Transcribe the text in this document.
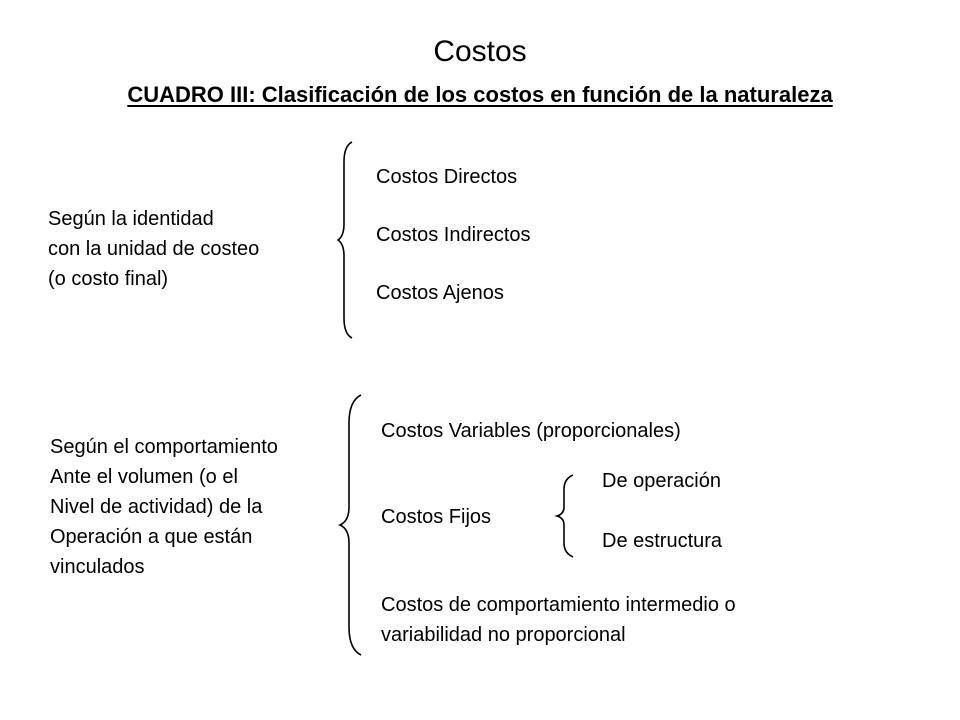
Costos
CUADRO III: Clasificación de los costos en función de la naturaleza
Según la identidad
con la unidad de costeo
(o costo final)
Costos Directos
Costos Indirectos
Costos Ajenos
Según el comportamiento
Ante el volumen (o el
Nivel de actividad) de la
Operación a que están
vinculados
Costos Variables (proporcionales)
Costos Fijos
De operación
De estructura
Costos de comportamiento intermedio o
variabilidad no proporcional
